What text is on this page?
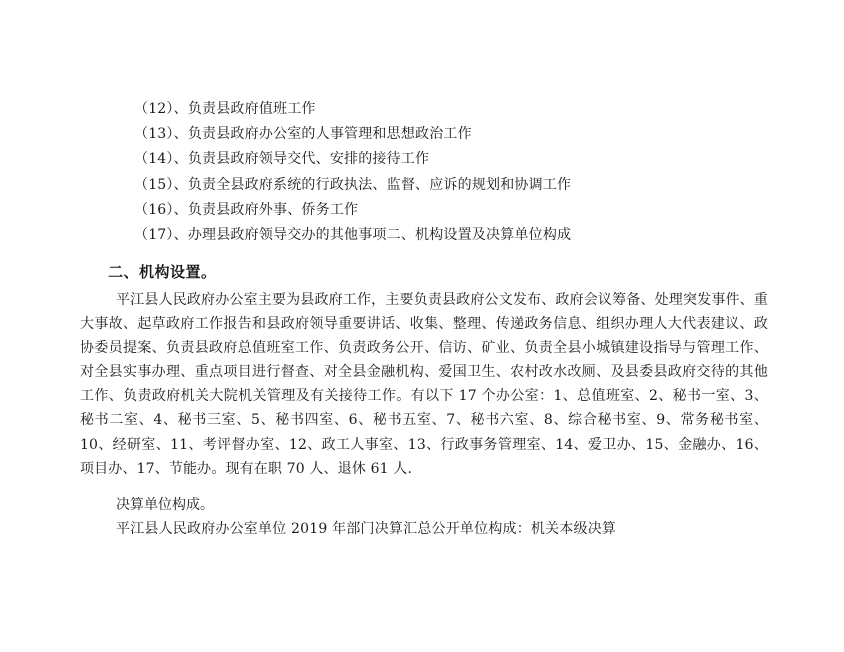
（12）、负责县政府值班工作
（13）、负责县政府办公室的人事管理和思想政治工作
（14）、负责县政府领导交代、安排的接待工作
（15）、负责全县政府系统的行政执法、监督、应诉的规划和协调工作
（16）、负责县政府外事、侨务工作
（17）、办理县政府领导交办的其他事项二、机构设置及决算单位构成
二、机构设置。

平江县人民政府办公室主要为县政府工作，主要负责县政府公文发布、政府会议筹备、处理突发事件、重大事故、起草政府工作报告和县政府领导重要讲话、收集、整理、传递政务信息、组织办理人大代表建议、政协委员提案、负责县政府总值班室工作、负责政务公开、信访、矿业、负责全县小城镇建设指导与管理工作、对全县实事办理、重点项目进行督查、对全县金融机构、爱国卫生、农村改水改厕、及县委县政府交待的其他工作、负责政府机关大院机关管理及有关接待工作。有以下 17 个办公室：1、总值班室、2、秘书一室、3、秘书二室、4、秘书三室、5、秘书四室、6、秘书五室、7、秘书六室、8、综合秘书室、9、常务秘书室、10、经研室、11、考评督办室、12、政工人事室、13、行政事务管理室、14、爱卫办、15、金融办、16、项目办、17、节能办。现有在职 70 人、退休 61 人.

决算单位构成。
平江县人民政府办公室单位 2019 年部门决算汇总公开单位构成：机关本级决算
